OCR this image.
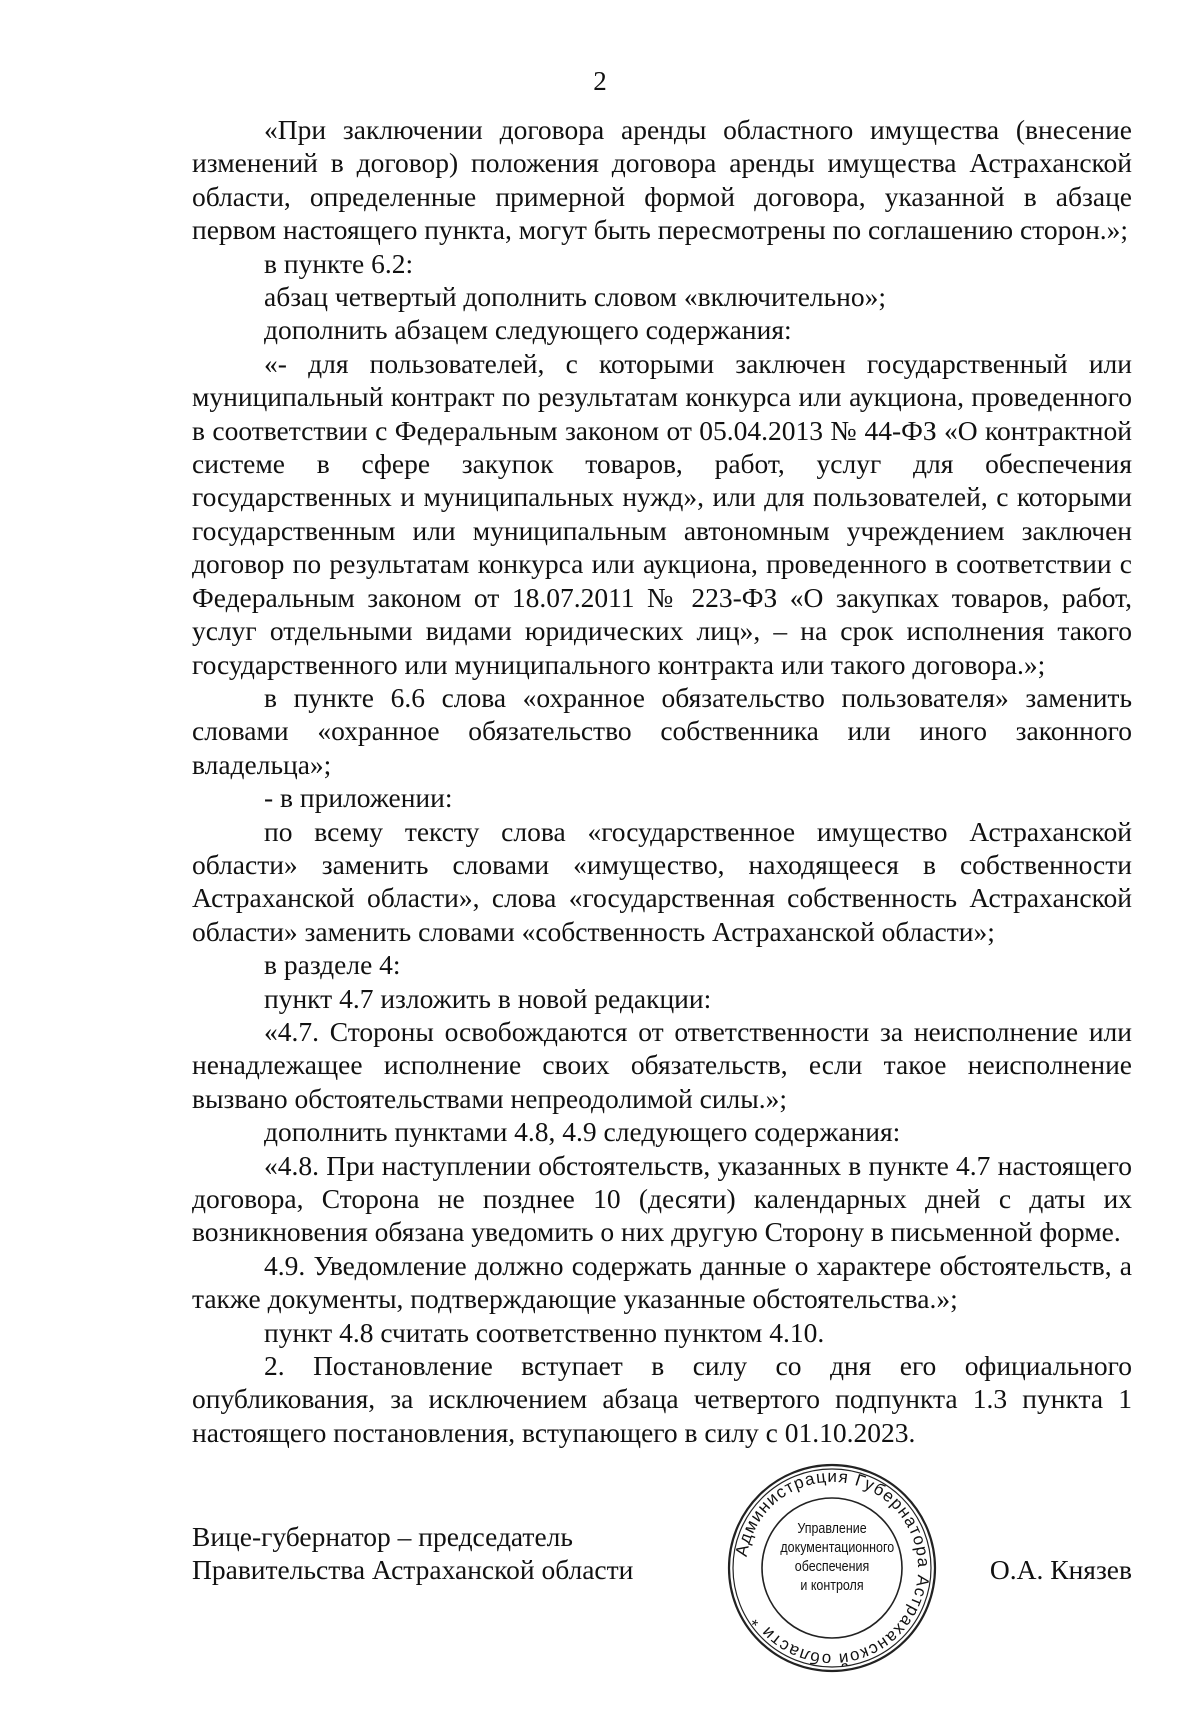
2

«При заключении договора аренды областного имущества (внесение изменений в договор) положения договора аренды имущества Астраханской области, определенные примерной формой договора, указанной в абзаце первом настоящего пункта, могут быть пересмотрены по соглашению сторон.»;

в пункте 6.2:

абзац четвертый дополнить словом «включительно»;

дополнить абзацем следующего содержания:

«- для пользователей, с которыми заключен государственный или муниципальный контракт по результатам конкурса или аукциона, проведенного в соответствии с Федеральным законом от 05.04.2013 № 44-ФЗ «О контрактной системе в сфере закупок товаров, работ, услуг для обеспечения государственных и муниципальных нужд», или для пользователей, с которыми государственным или муниципальным автономным учреждением заключен договор по результатам конкурса или аукциона, проведенного в соответствии с Федеральным законом от 18.07.2011 № 223-ФЗ «О закупках товаров, работ, услуг отдельными видами юридических лиц», – на срок исполнения такого государственного или муниципального контракта или такого договора.»;

в пункте 6.6 слова «охранное обязательство пользователя» заменить словами «охранное обязательство собственника или иного законного владельца»;

- в приложении:

по всему тексту слова «государственное имущество Астраханской области» заменить словами «имущество, находящееся в собственности Астраханской области», слова «государственная собственность Астраханской области» заменить словами «собственность Астраханской области»;

в разделе 4:

пункт 4.7 изложить в новой редакции:

«4.7. Стороны освобождаются от ответственности за неисполнение или ненадлежащее исполнение своих обязательств, если такое неисполнение вызвано обстоятельствами непреодолимой силы.»;

дополнить пунктами 4.8, 4.9 следующего содержания:

«4.8. При наступлении обстоятельств, указанных в пункте 4.7 настоящего договора, Сторона не позднее 10 (десяти) календарных дней с даты их возникновения обязана уведомить о них другую Сторону в письменной форме.

4.9. Уведомление должно содержать данные о характере обстоятельств, а также документы, подтверждающие указанные обстоятельства.»;

пункт 4.8 считать соответственно пунктом 4.10.

2. Постановление вступает в силу со дня его официального опубликования, за исключением абзаца четвертого подпункта 1.3 пункта 1 настоящего постановления, вступающего в силу с 01.10.2023.

Вице-губернатор – председатель
Правительства Астраханской области	О.А. Князев
Администрация Губернатора Астраханской области *
Управление
документационного
обеспечения
и контроля
